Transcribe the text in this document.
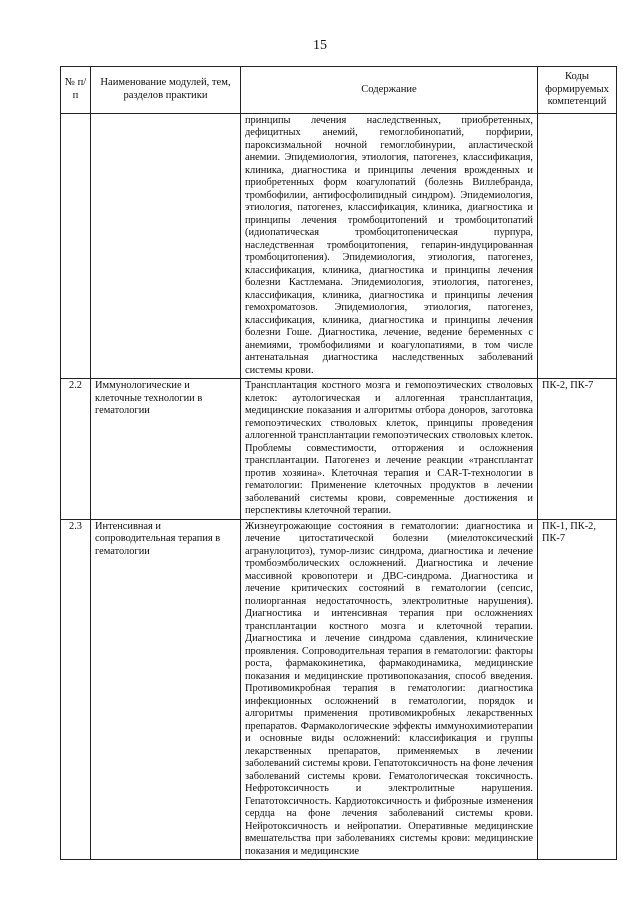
15
№ п/п	Наименование модулей, тем, разделов практики	Содержание	Коды формируемых компетенций
		принципы лечения наследственных, приобретенных, дефицитных анемий, гемоглобинопатий, порфирии, пароксизмальной ночной гемоглобинурии, апластической анемии. Эпидемиология, этиология, патогенез, классификация, клиника, диагностика и принципы лечения врожденных и приобретенных форм коагулопатий (болезнь Виллебранда, тромбофилии, антифосфолипидный синдром). Эпидемиология, этиология, патогенез, классификация, клиника, диагностика и принципы лечения тромбоцитопений и тромбоцитопатий (идиопатическая тромбоцитопеническая пурпура, наследственная тромбоцитопения, гепарин-индуцированная тромбоцитопения). Эпидемиология, этиология, патогенез, классификация, клиника, диагностика и принципы лечения болезни Кастлемана. Эпидемиология, этиология, патогенез, классификация, клиника, диагностика и принципы лечения гемохроматозов. Эпидемиология, этиология, патогенез, классификация, клиника, диагностика и принципы лечения болезни Гоше. Диагностика, лечение, ведение беременных с анемиями, тромбофилиями и коагулопатиями, в том числе антенатальная диагностика наследственных заболеваний системы крови.	
2.2	Иммунологические и клеточные технологии в гематологии	Трансплантация костного мозга и гемопоэтических стволовых клеток: аутологическая и аллогенная трансплантация, медицинские показания и алгоритмы отбора доноров, заготовка гемопоэтических стволовых клеток, принципы проведения аллогенной трансплантации гемопоэтических стволовых клеток. Проблемы совместимости, отторжения и осложнения трансплантации. Патогенез и лечение реакции «трансплантат против хозяина». Клеточная терапия и CAR-T-технологии в гематологии: Применение клеточных продуктов в лечении заболеваний системы крови, современные достижения и перспективы клеточной терапии.	ПК-2, ПК-7
2.3	Интенсивная и сопроводительная терапия в гематологии	Жизнеугрожающие состояния в гематологии: диагностика и лечение цитостатической болезни (миелотоксический агранулоцитоз), тумор-лизис синдрома, диагностика и лечение тромбоэмболических осложнений. Диагностика и лечение массивной кровопотери и ДВС-синдрома. Диагностика и лечение критических состояний в гематологии (сепсис, полиорганная недостаточность, электролитные нарушения). Диагностика и интенсивная терапия при осложнениях трансплантации костного мозга и клеточной терапии. Диагностика и лечение синдрома сдавления, клинические проявления. Сопроводительная терапия в гематологии: факторы роста, фармакокинетика, фармакодинамика, медицинские показания и медицинские противопоказания, способ введения. Противомикробная терапия в гематологии: диагностика инфекционных осложнений в гематологии, порядок и алгоритмы применения противомикробных лекарственных препаратов. Фармакологические эффекты иммунохимиотерапии и основные виды осложнений: классификация и группы лекарственных препаратов, применяемых в лечении заболеваний системы крови. Гепатотоксичность на фоне лечения заболеваний системы крови. Гематологическая токсичность. Нефротоксичность и электролитные нарушения. Гепатотоксичность. Кардиотоксичность и фиброзные изменения сердца на фоне лечения заболеваний системы крови. Нейротоксичность и нейропатии. Оперативные медицинские вмешательства при заболеваниях системы крови: медицинские показания и медицинские	ПК-1, ПК-2, ПК-7
